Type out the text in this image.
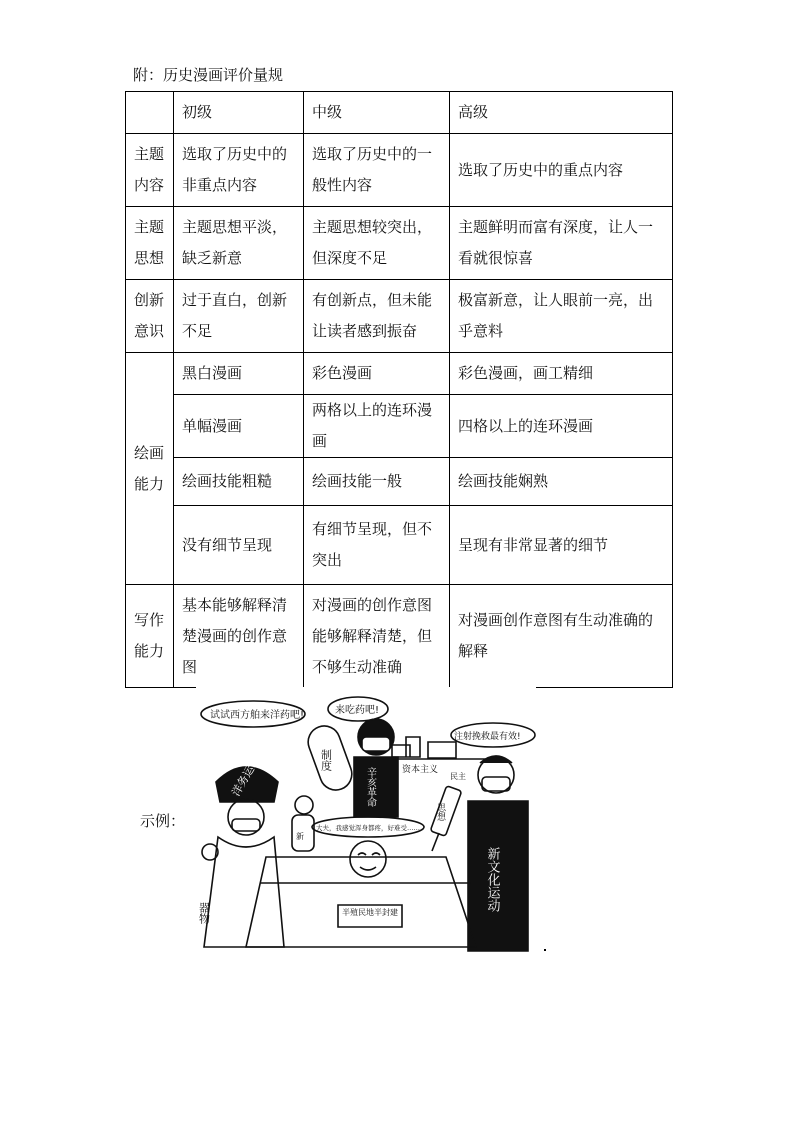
附：历史漫画评价量规
	初级	中级	高级
主题内容	选取了历史中的非重点内容	选取了历史中的一般性内容	选取了历史中的重点内容
主题思想	主题思想平淡，缺乏新意	主题思想较突出，但深度不足	主题鲜明而富有深度，让人一看就很惊喜
创新意识	过于直白，创新不足	有创新点，但未能让读者感到振奋	极富新意，让人眼前一亮，出乎意料
绘画能力	黑白漫画	彩色漫画	彩色漫画，画工精细
	单幅漫画	两格以上的连环漫画	四格以上的连环漫画
	绘画技能粗糙	绘画技能一般	绘画技能娴熟
	没有细节呈现	有细节呈现，但不突出	呈现有非常显著的细节
写作能力	基本能够解释清楚漫画的创作意图	对漫画的创作意图能够解释清楚，但不够生动准确	对漫画创作意图有生动准确的解释
示例：
资本主义
民主
试试西方舶来洋药吧!	来吃药吧!
注射挽救最有效!
大夫，我感觉浑身都疼，好难受……
洋务运动
器物
制度
新
辛亥革命
思想
新文化运动
半殖民地半封建
